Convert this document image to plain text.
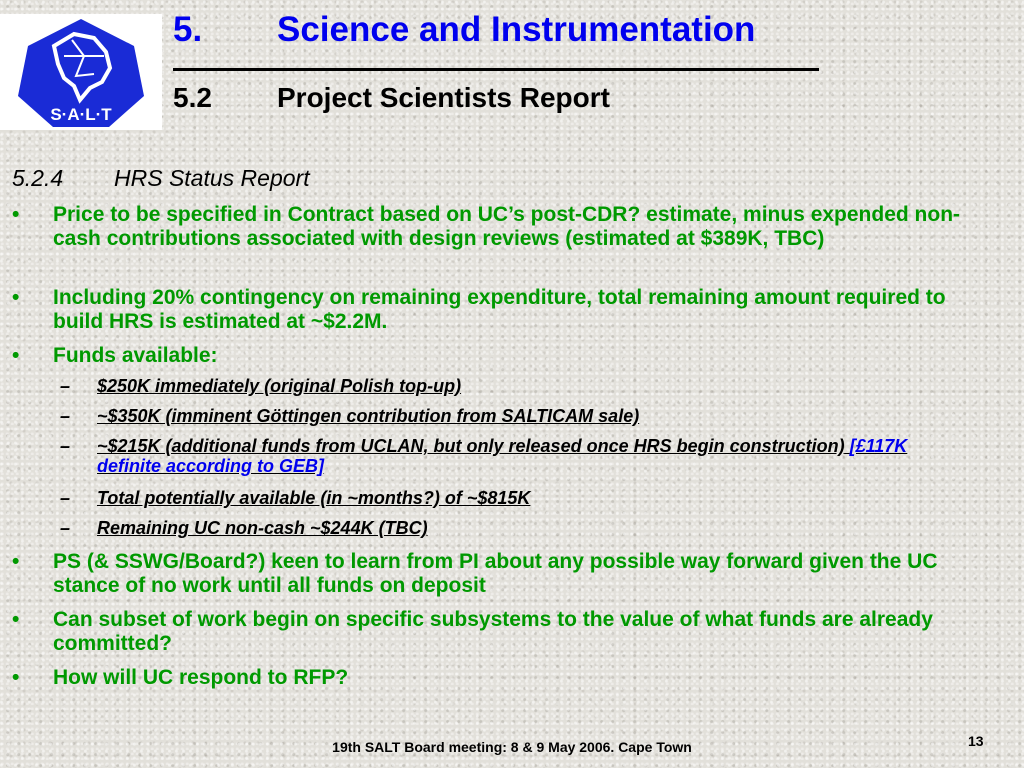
S·A·L·T
5. Science and Instrumentation
5.2 Project Scientists Report
5.2.4 HRS Status Report
• Price to be specified in Contract based on UC’s post-CDR? estimate, minus expended non-cash contributions associated with design reviews (estimated at $389K, TBC)
• Including 20% contingency on remaining expenditure, total remaining amount required to build HRS is estimated at ~$2.2M.
• Funds available:
– $250K immediately (original Polish top-up)
– ~$350K (imminent Göttingen contribution from SALTICAM sale)
– ~$215K (additional funds from UCLAN, but only released once HRS begin construction) [£117K definite according to GEB]
– Total potentially available (in ~months?) of ~$815K
– Remaining UC non-cash ~$244K (TBC)
• PS (& SSWG/Board?) keen to learn from PI about any possible way forward given the UC stance of no work until all funds on deposit
• Can subset of work begin on specific subsystems to the value of what funds are already committed?
• How will UC respond to RFP?
19th SALT Board meeting: 8 & 9 May 2006. Cape Town	13
